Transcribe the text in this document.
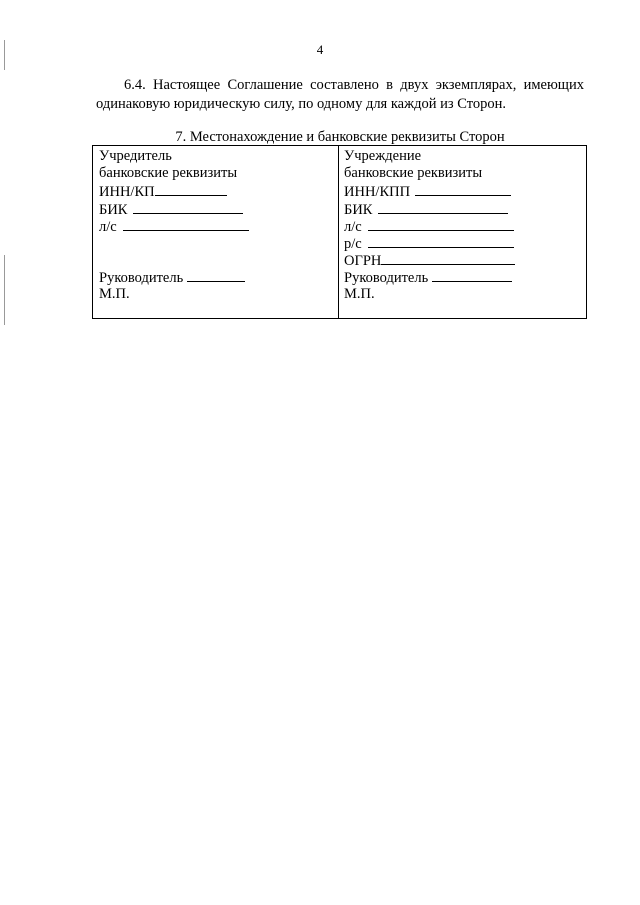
4
6.4. Настоящее Соглашение составлено в двух экземплярах, имеющих одинаковую юридическую силу, по одному для каждой из Сторон.
7. Местонахождение и банковские реквизиты Сторон
Учредитель
банковские реквизиты
ИНН/КП
БИК
л/с
Руководитель
М.П.
Учреждение
банковские реквизиты
ИНН/КПП
БИК
л/с
р/с
ОГРН
Руководитель
М.П.
